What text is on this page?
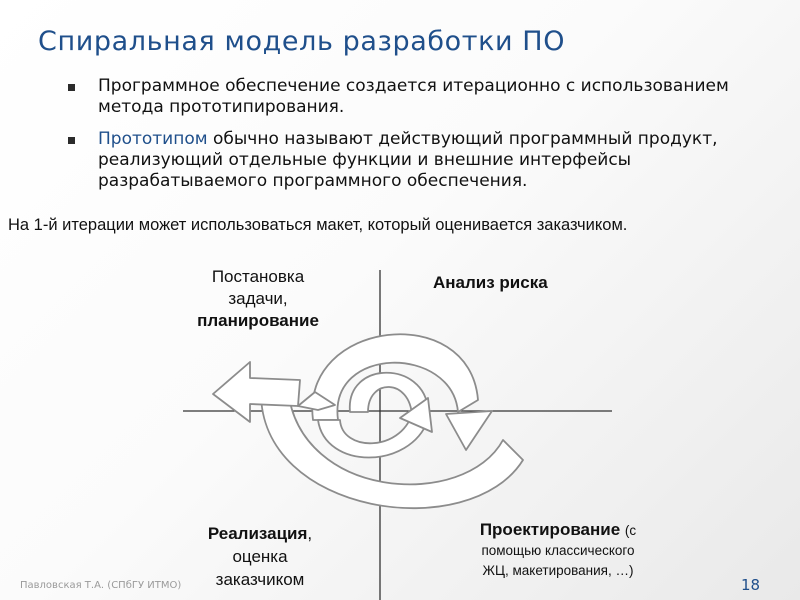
Спиральная модель разработки ПО
Программное обеспечение создается итерационно с использованием метода прототипирования.
Прототипом обычно называют действующий программный продукт, реализующий отдельные функции и внешние интерфейсы разрабатываемого программного обеспечения.
На 1-й итерации может использоваться макет, который оценивается заказчиком.
Постановка
задачи,
планирование
Анализ риска
Реализация,
оценка
заказчиком
Проектирование (с
помощью классического
ЖЦ, макетирования, …)
Павловская Т.А. (СПбГУ ИТМО)	18
